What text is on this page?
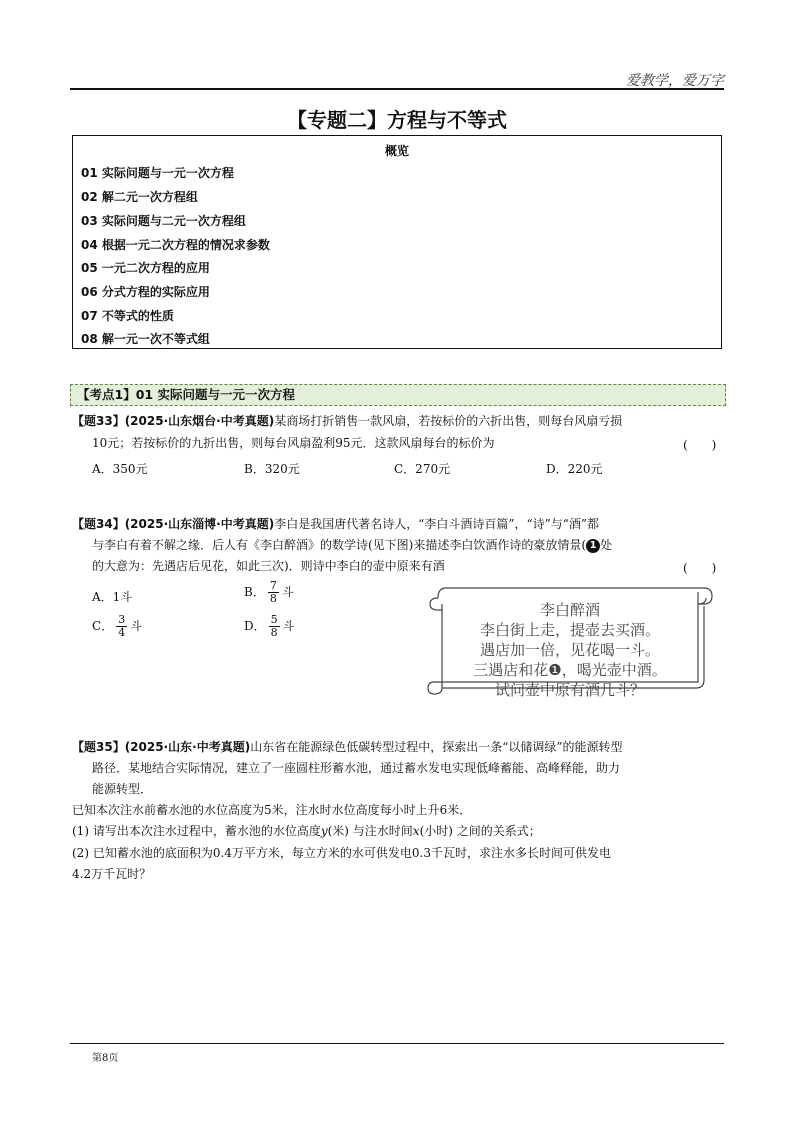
爱教学，爱万字
【专题二】方程与不等式
概览
01 实际问题与一元一次方程
02 解二元一次方程组
03 实际问题与二元一次方程组
04 根据一元二次方程的情况求参数
05 一元二次方程的应用
06 分式方程的实际应用
07 不等式的性质
08 解一元一次不等式组
【考点1】01 实际问题与一元一次方程
【题33】(2025·山东烟台·中考真题)某商场打折销售一款风扇，若按标价的六折出售，则每台风扇亏损
10元；若按标价的九折出售，则每台风扇盈利95元．这款风扇每台的标价为	(　　)
A．350元	B．320元	C．270元	D．220元
【题34】(2025·山东淄博·中考真题)李白是我国唐代著名诗人，“李白斗酒诗百篇”，“诗”与“酒”都
与李白有着不解之缘．后人有《李白醉酒》的数学诗(见下图)来描述李白饮酒作诗的豪放情景( 1 处
的大意为：先遇店后见花，如此三次)．则诗中李白的壶中原来有酒	(　　)
A．1斗	B． $\frac{7}{8}$ 斗
C． $\frac{3}{4}$ 斗	D． $\frac{5}{8}$ 斗
李白醉酒
李白街上走，提壶去买酒。
遇店加一倍，见花喝一斗。
三遇店和花❶，喝光壶中酒。
试问壶中原有酒几斗？
【题35】(2025·山东·中考真题)山东省在能源绿色低碳转型过程中，探索出一条“以储调绿”的能源转型
路径．某地结合实际情况，建立了一座圆柱形蓄水池，通过蓄水发电实现低峰蓄能、高峰释能，助力
能源转型．
已知本次注水前蓄水池的水位高度为5米，注水时水位高度每小时上升6米．
(1) 请写出本次注水过程中，蓄水池的水位高度y(米) 与注水时间x(小时) 之间的关系式；
(2) 已知蓄水池的底面积为0.4万平方米，每立方米的水可供发电0.3千瓦时，求注水多长时间可供发电
4.2万千瓦时？
第8页
